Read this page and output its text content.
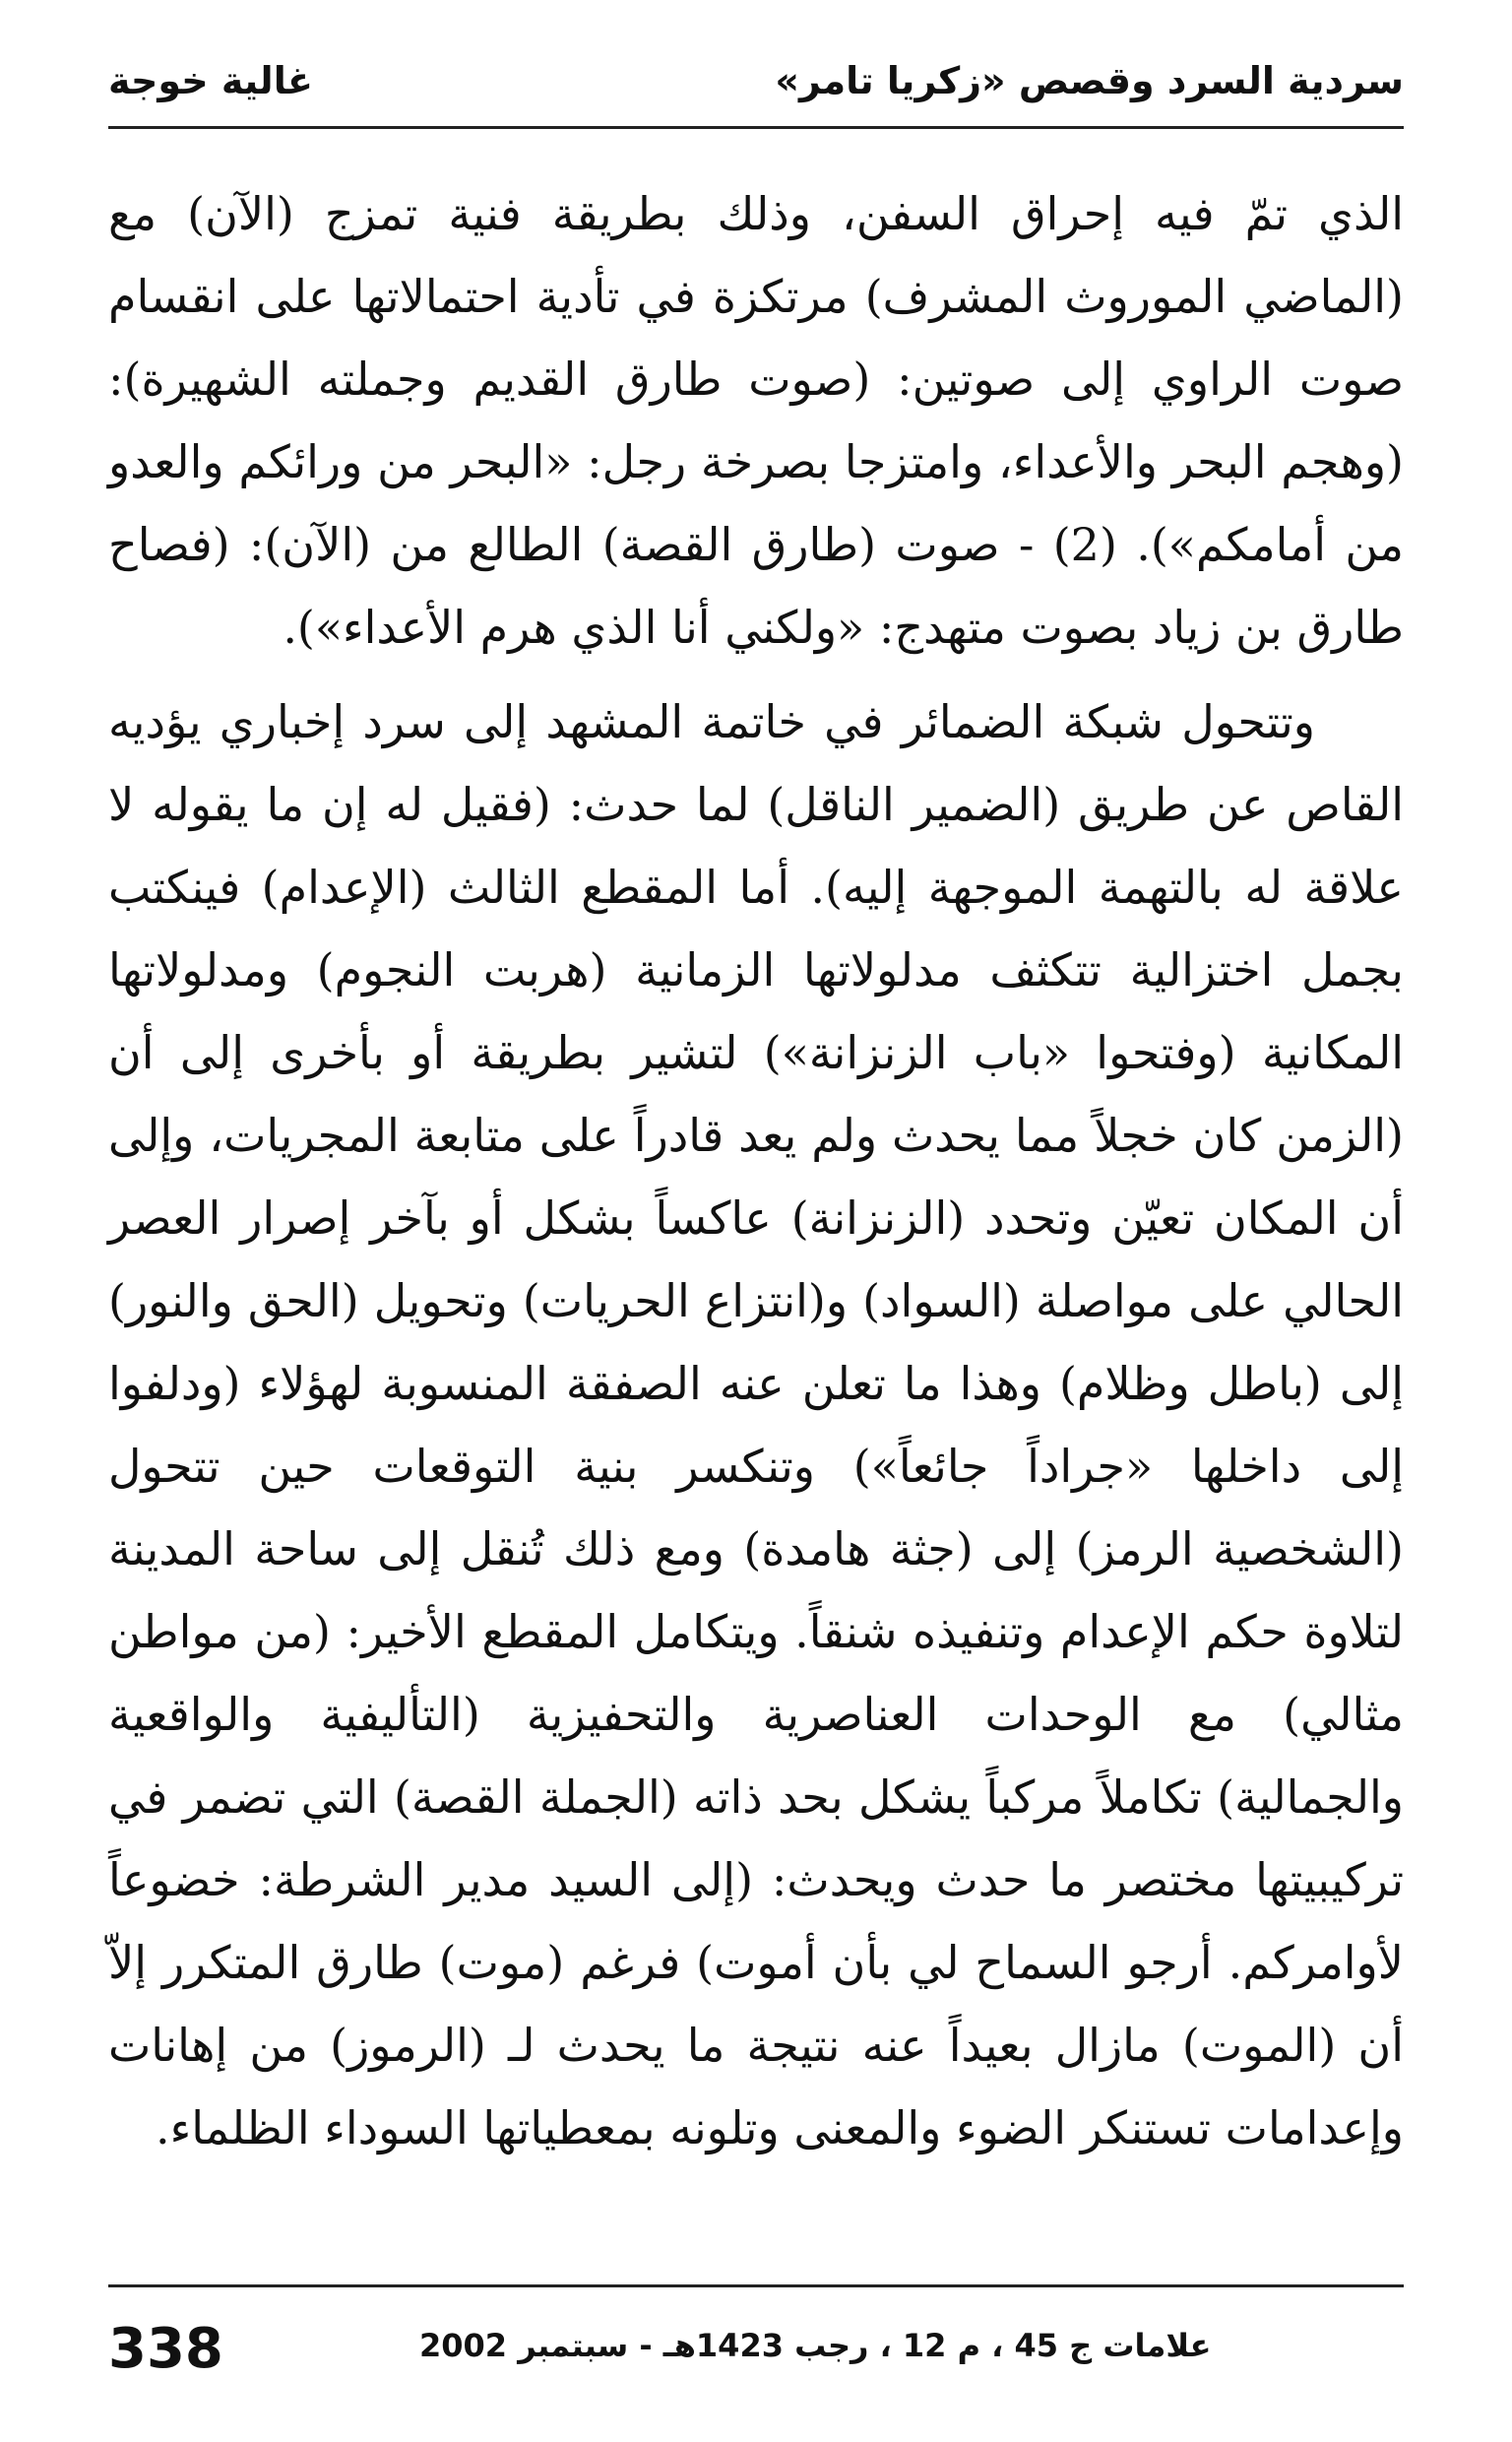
سردية السرد وقصص «زكريا تامر»
غالية خوجة

الذي تمّ فيه إحراق السفن، وذلك بطريقة فنية تمزج (الآن) مع (الماضي الموروث المشرف) مرتكزة في تأدية احتمالاتها على انقسام صوت الراوي إلى صوتين: (صوت طارق القديم وجملته الشهيرة): (وهجم البحر والأعداء، وامتزجا بصرخة رجل: «البحر من ورائكم والعدو من أمامكم»). (2) - صوت (طارق القصة) الطالع من (الآن): (فصاح طارق بن زياد بصوت متهدج: «ولكني أنا الذي هرم الأعداء»).

وتتحول شبكة الضمائر في خاتمة المشهد إلى سرد إخباري يؤديه القاص عن طريق (الضمير الناقل) لما حدث: (فقيل له إن ما يقوله لا علاقة له بالتهمة الموجهة إليه). أما المقطع الثالث (الإعدام) فينكتب بجمل اختزالية تتكثف مدلولاتها الزمانية (هربت النجوم) ومدلولاتها المكانية (وفتحوا «باب الزنزانة») لتشير بطريقة أو بأخرى إلى أن (الزمن كان خجلاً مما يحدث ولم يعد قادراً على متابعة المجريات، وإلى أن المكان تعيّن وتحدد (الزنزانة) عاكساً بشكل أو بآخر إصرار العصر الحالي على مواصلة (السواد) و(انتزاع الحريات) وتحويل (الحق والنور) إلى (باطل وظلام) وهذا ما تعلن عنه الصفقة المنسوبة لهؤلاء (ودلفوا إلى داخلها «جراداً جائعاً») وتنكسر بنية التوقعات حين تتحول (الشخصية الرمز) إلى (جثة هامدة) ومع ذلك تُنقل إلى ساحة المدينة لتلاوة حكم الإعدام وتنفيذه شنقاً. ويتكامل المقطع الأخير: (من مواطن مثالي) مع الوحدات العناصرية والتحفيزية (التأليفية والواقعية والجمالية) تكاملاً مركباً يشكل بحد ذاته (الجملة القصة) التي تضمر في تركيبيتها مختصر ما حدث ويحدث: (إلى السيد مدير الشرطة: خضوعاً لأوامركم. أرجو السماح لي بأن أموت) فرغم (موت) طارق المتكرر إلاّ أن (الموت) مازال بعيداً عنه نتيجة ما يحدث لـ (الرموز) من إهانات وإعدامات تستنكر الضوء والمعنى وتلونه بمعطياتها السوداء الظلماء.

338	علامات ج 45 ، م 12 ، رجب 1423هـ - سبتمبر 2002
